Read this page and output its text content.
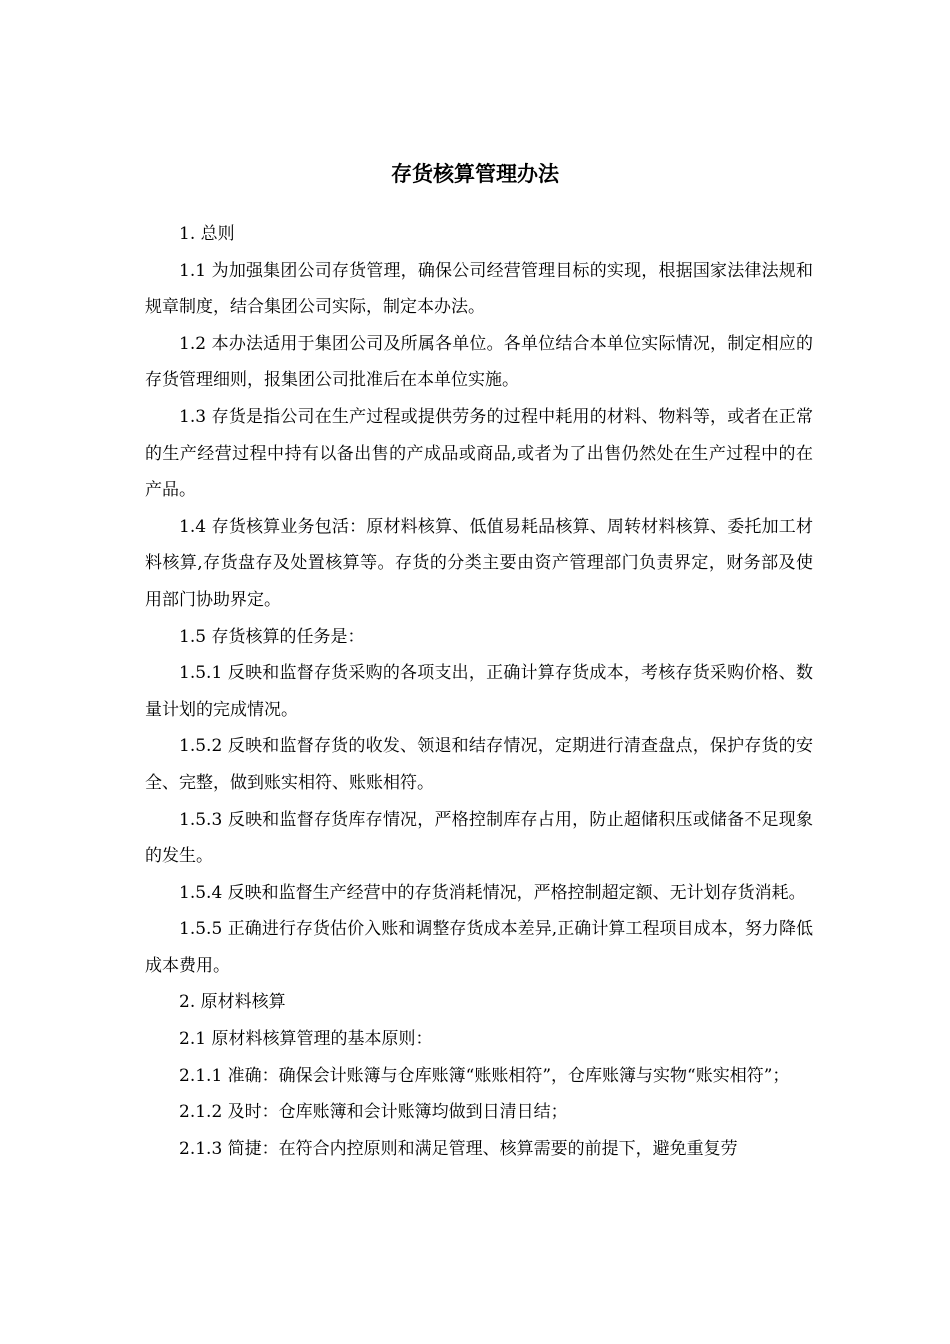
存货核算管理办法

1. 总则

1.1 为加强集团公司存货管理，确保公司经营管理目标的实现，根据国家法律法规和规章制度，结合集团公司实际，制定本办法。

1.2 本办法适用于集团公司及所属各单位。各单位结合本单位实际情况，制定相应的存货管理细则，报集团公司批准后在本单位实施。

1.3 存货是指公司在生产过程或提供劳务的过程中耗用的材料、物料等，或者在正常的生产经营过程中持有以备出售的产成品或商品,或者为了出售仍然处在生产过程中的在产品。

1.4 存货核算业务包活：原材料核算、低值易耗品核算、周转材料核算、委托加工材料核算,存货盘存及处置核算等。存货的分类主要由资产管理部门负责界定，财务部及使用部门协助界定。

1.5 存货核算的任务是：

1.5.1 反映和监督存货采购的各项支出，正确计算存货成本，考核存货采购价格、数量计划的完成情况。

1.5.2 反映和监督存货的收发、领退和结存情况，定期进行清查盘点，保护存货的安全、完整，做到账实相符、账账相符。

1.5.3 反映和监督存货库存情况，严格控制库存占用，防止超储积压或储备不足现象的发生。

1.5.4 反映和监督生产经营中的存货消耗情况，严格控制超定额、无计划存货消耗。

1.5.5 正确进行存货估价入账和调整存货成本差异,正确计算工程项目成本，努力降低成本费用。

2. 原材料核算

2.1 原材料核算管理的基本原则：

2.1.1 准确：确保会计账簿与仓库账簿“账账相符”，仓库账簿与实物“账实相符”；

2.1.2 及时：仓库账簿和会计账簿均做到日清日结；

2.1.3 简捷：在符合内控原则和满足管理、核算需要的前提下，避免重复劳
